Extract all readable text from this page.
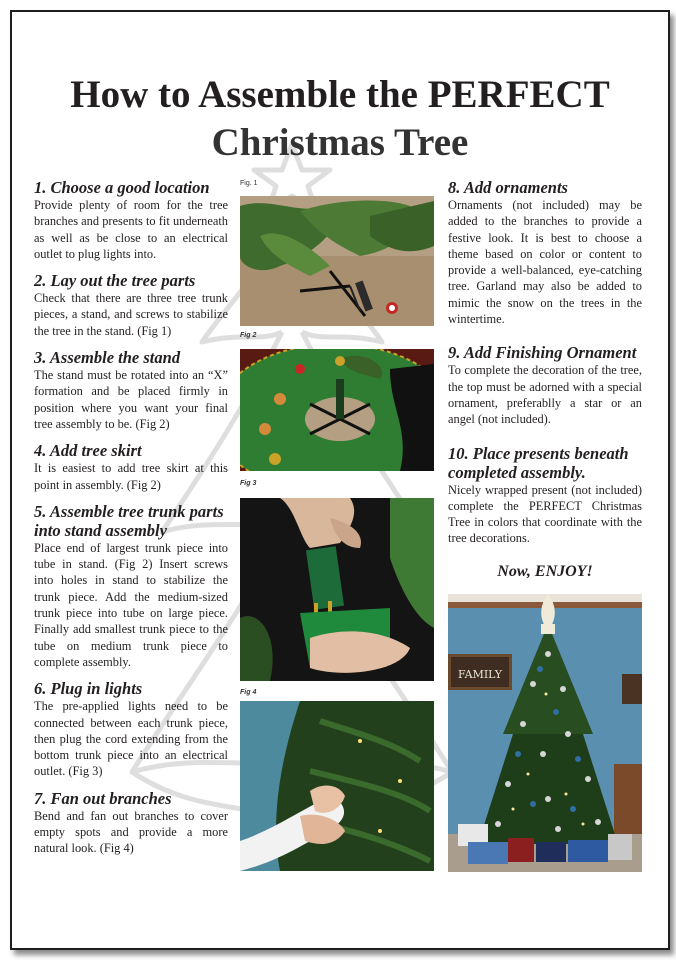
How to Assemble the PERFECT
Christmas Tree
1. Choose a good location

Provide plenty of room for the tree branches and presents to fit underneath as well as be close to an electrical outlet to plug lights into.

2. Lay out the tree parts

Check that there are three tree trunk pieces, a stand, and screws to stabilize the tree in the stand. (Fig 1)

3. Assemble the stand

The stand must be rotated into an “X” formation and be placed firmly in position where you want your final tree assembly to be. (Fig 2)

4. Add tree skirt

It is easiest to add tree skirt at this point in assembly. (Fig 2)

5. Assemble tree trunk parts into stand assembly

Place end of largest trunk piece into tube in stand. (Fig 2) Insert screws into holes in stand to stabilize the trunk piece. Add the medium-sized trunk piece into tube on large piece. Finally add smallest trunk piece to the tube on medium trunk piece to complete assembly.

6. Plug in lights

The pre-applied lights need to be connected between each trunk piece, then plug the cord extending from the bottom trunk piece into an electrical outlet. (Fig 3)

7. Fan out branches

Bend and fan out branches to cover empty spots and provide a more natural look. (Fig 4)

Fig. 1
Fig 2
Fig 3
Fig 4
8. Add ornaments

Ornaments (not included) may be added to the branches to provide a festive look. It is best to choose a theme based on color or content to provide a well-balanced, eye-catching tree. Garland may also be added to mimic the snow on the trees in the wintertime.

9. Add Finishing Ornament

To complete the decoration of the tree, the top must be adorned with a special ornament, preferablly a star or an angel (not included).

10. Place presents beneath completed assembly.

Nicely wrapped present (not included) complete the PERFECT Christmas Tree in colors that coordinate with the tree decorations.

Now, ENJOY!

FAMILY
